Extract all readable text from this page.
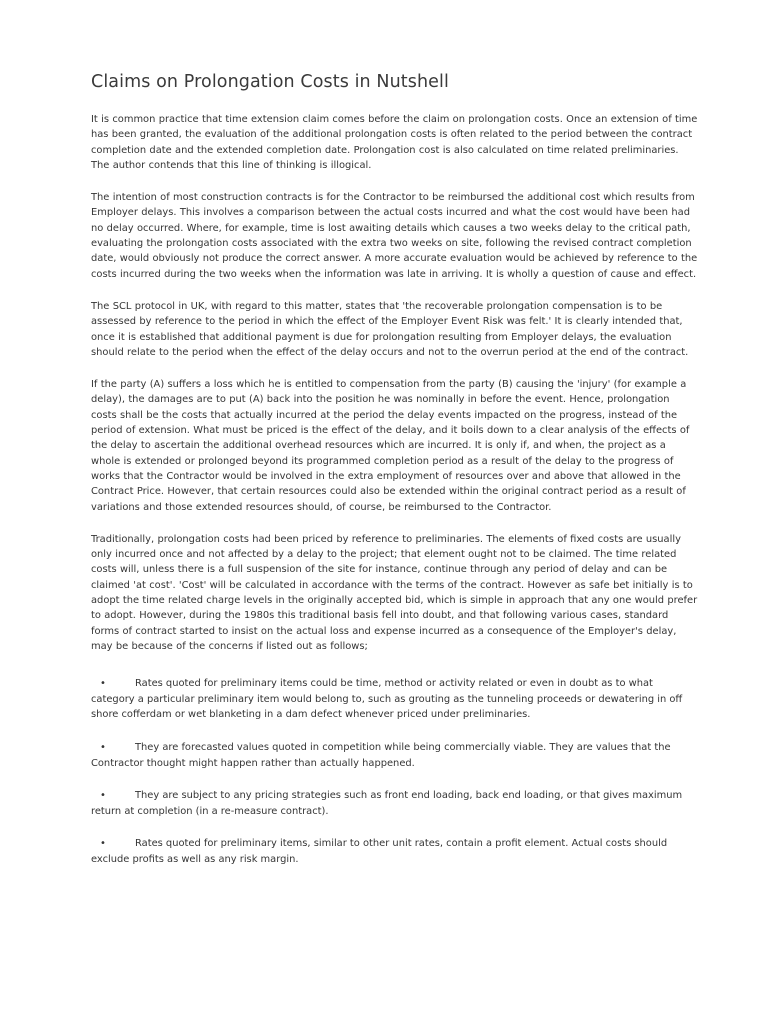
Claims on Prolongation Costs in Nutshell

It is common practice that time extension claim comes before the claim on prolongation costs. Once an extension of time has been granted, the evaluation of the additional prolongation costs is often related to the period between the contract completion date and the extended completion date. Prolongation cost is also calculated on time related preliminaries. The author contends that this line of thinking is illogical.

The intention of most construction contracts is for the Contractor to be reimbursed the additional cost which results from Employer delays. This involves a comparison between the actual costs incurred and what the cost would have been had no delay occurred. Where, for example, time is lost awaiting details which causes a two weeks delay to the critical path, evaluating the prolongation costs associated with the extra two weeks on site, following the revised contract completion date, would obviously not produce the correct answer. A more accurate evaluation would be achieved by reference to the costs incurred during the two weeks when the information was late in arriving. It is wholly a question of cause and effect.

The SCL protocol in UK, with regard to this matter, states that 'the recoverable prolongation compensation is to be assessed by reference to the period in which the effect of the Employer Event Risk was felt.' It is clearly intended that, once it is established that additional payment is due for prolongation resulting from Employer delays, the evaluation should relate to the period when the effect of the delay occurs and not to the overrun period at the end of the contract.

If the party (A) suffers a loss which he is entitled to compensation from the party (B) causing the 'injury' (for example a delay), the damages are to put (A) back into the position he was nominally in before the event. Hence, prolongation costs shall be the costs that actually incurred at the period the delay events impacted on the progress, instead of the period of extension. What must be priced is the effect of the delay, and it boils down to a clear analysis of the effects of the delay to ascertain the additional overhead resources which are incurred. It is only if, and when, the project as a whole is extended or prolonged beyond its programmed completion period as a result of the delay to the progress of works that the Contractor would be involved in the extra employment of resources over and above that allowed in the Contract Price. However, that certain resources could also be extended within the original contract period as a result of variations and those extended resources should, of course, be reimbursed to the Contractor.

Traditionally, prolongation costs had been priced by reference to preliminaries. The elements of fixed costs are usually only incurred once and not affected by a delay to the project; that element ought not to be claimed. The time related costs will, unless there is a full suspension of the site for instance, continue through any period of delay and can be claimed 'at cost'. 'Cost' will be calculated in accordance with the terms of the contract. However as safe bet initially is to adopt the time related charge levels in the originally accepted bid, which is simple in approach that any one would prefer to adopt. However, during the 1980s this traditional basis fell into doubt, and that following various cases, standard forms of contract started to insist on the actual loss and expense incurred as a consequence of the Employer's delay, may be because of the concerns if listed out as follows;

•	Rates quoted for preliminary items could be time, method or activity related or even in doubt as to what category a particular preliminary item would belong to, such as grouting as the tunneling proceeds or dewatering in off shore cofferdam or wet blanketing in a dam defect whenever priced under preliminaries.
•	They are forecasted values quoted in competition while being commercially viable. They are values that the Contractor thought might happen rather than actually happened.
•	They are subject to any pricing strategies such as front end loading, back end loading, or that gives maximum return at completion (in a re-measure contract).
•	Rates quoted for preliminary items, similar to other unit rates, contain a profit element. Actual costs should exclude profits as well as any risk margin.
